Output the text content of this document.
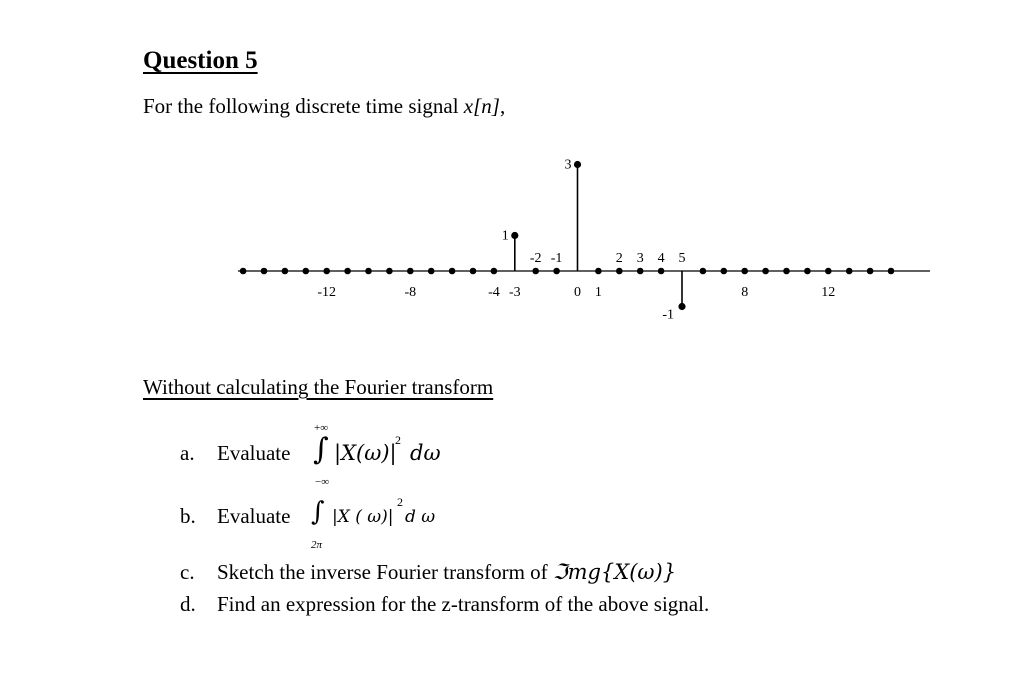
Question 5
For the following discrete time signal x[n],
1
3
-1
-12	-8	-4 -3	0 1	8	12
-2 -1	2 3 4 5
Without calculating the Fourier transform
a. Evaluate
+∞
∫
−∞
|X(ω)|
2
dω
b. Evaluate ∫
2π
|X ( ω)|
2
d ω
c. Sketch the inverse Fourier transform of ℑmg{X(ω)}
d. Find an expression for the z-transform of the above signal.
